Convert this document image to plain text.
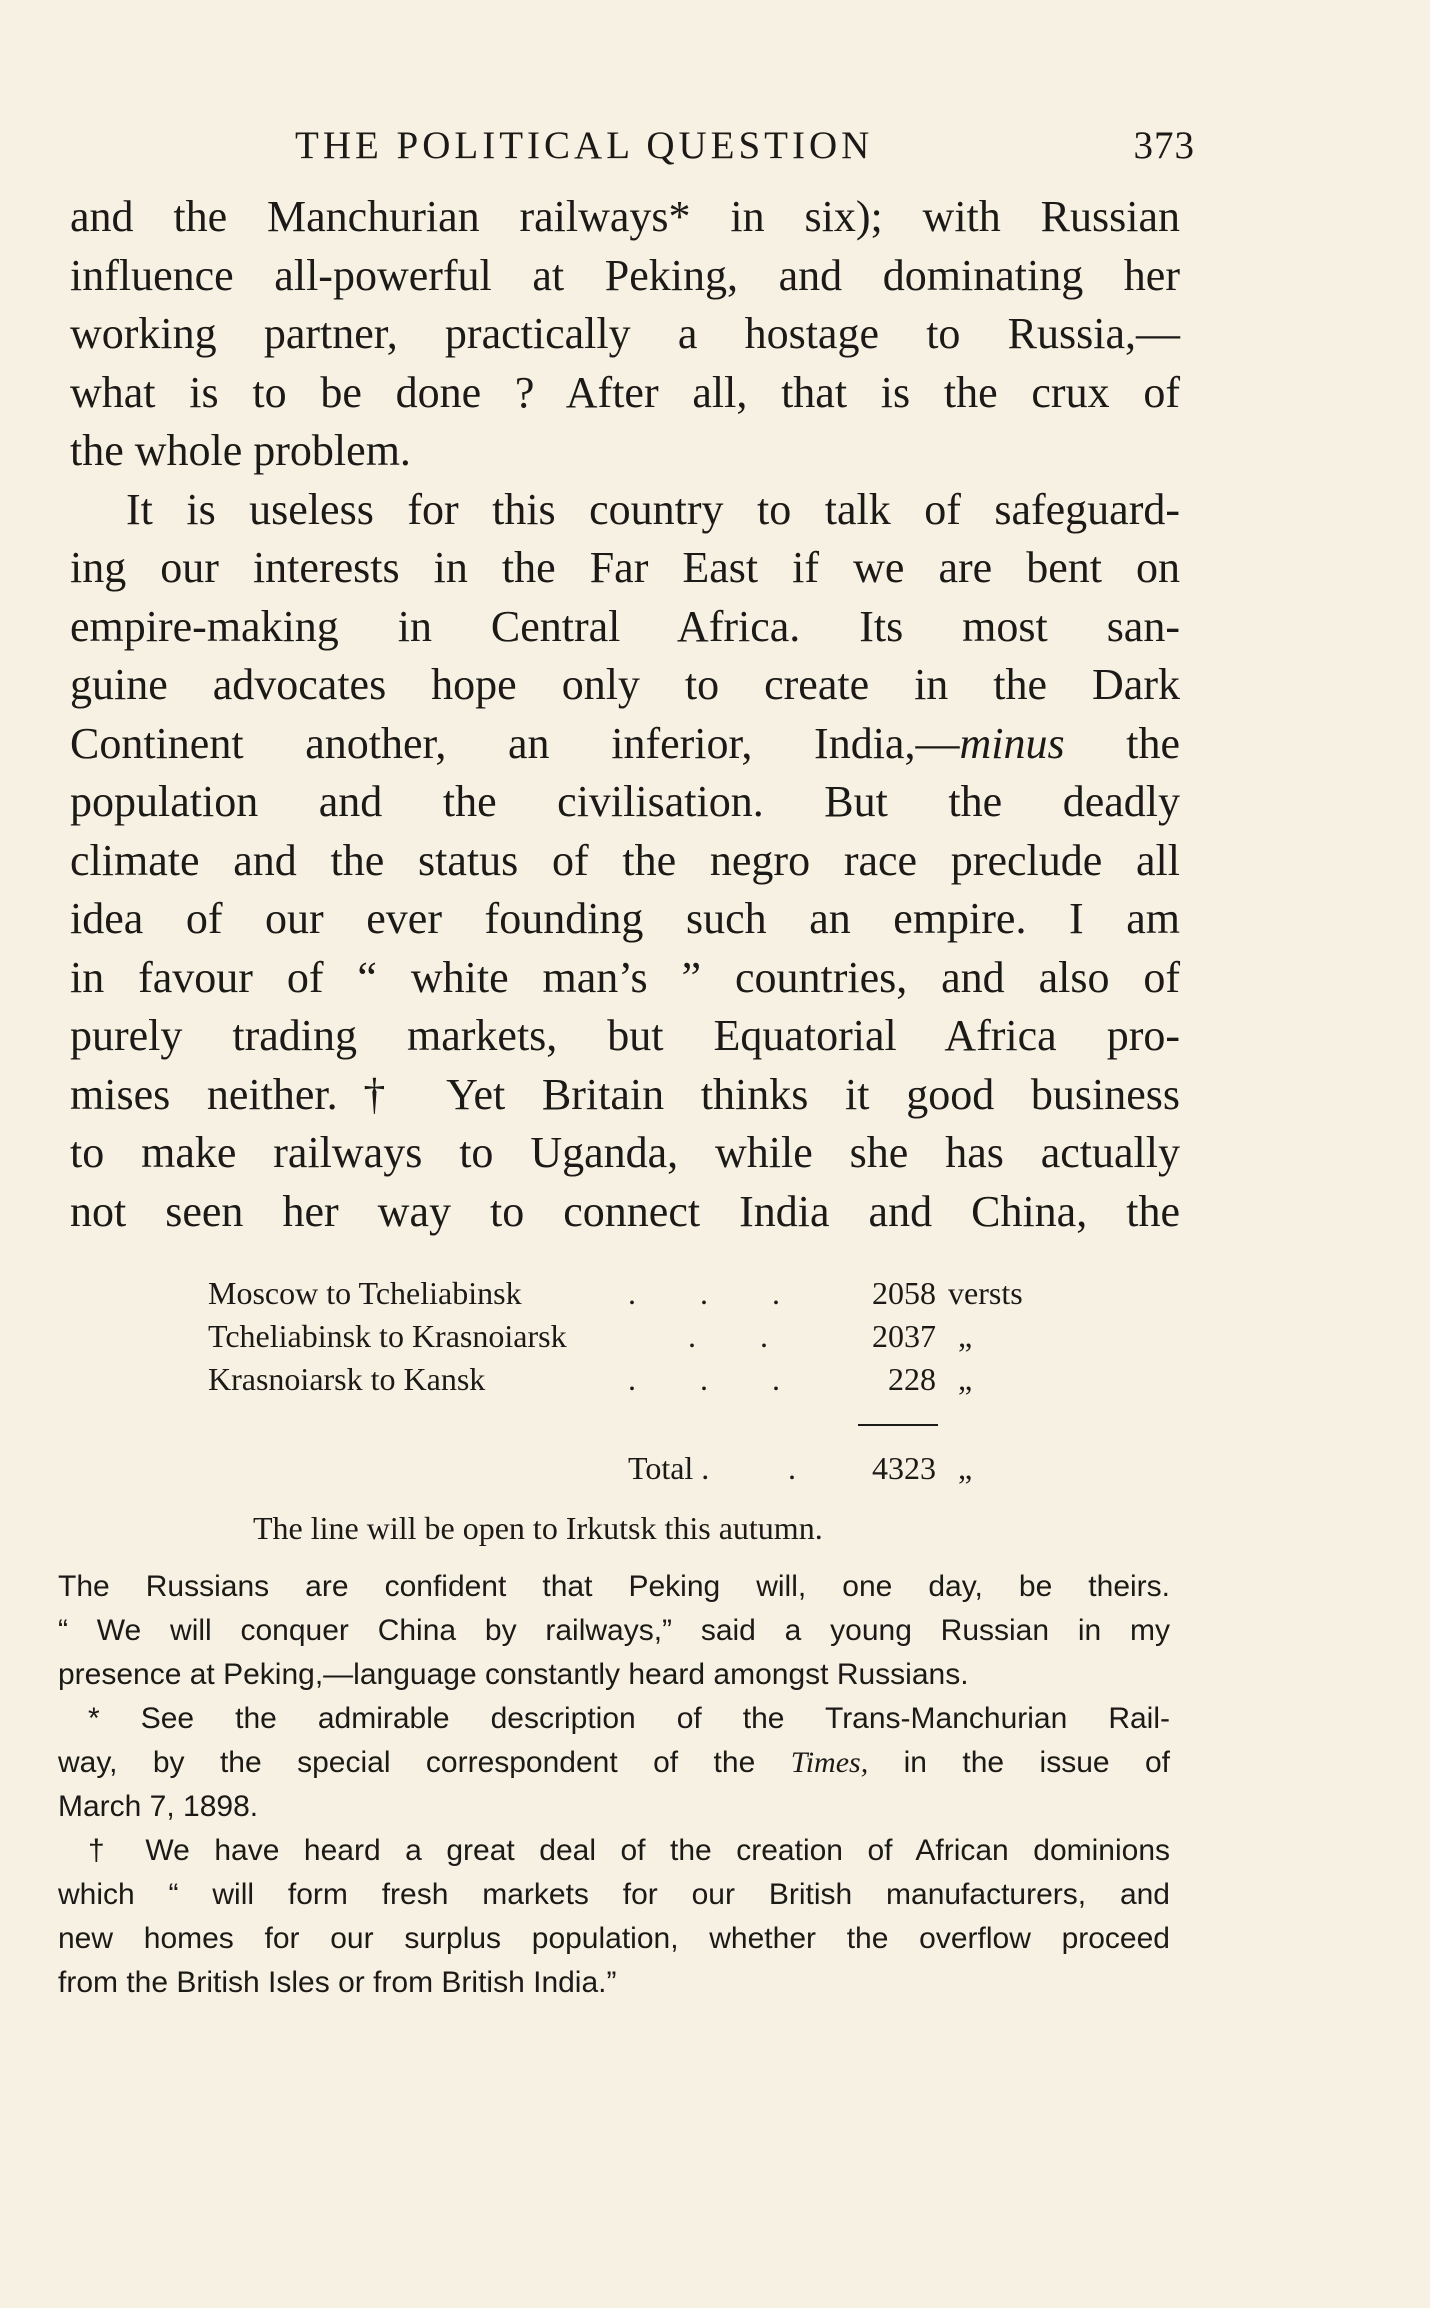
THE POLITICAL QUESTION	373
and the Manchurian railways* in six); with Russian
influence all-powerful at Peking, and dominating her
working partner, practically a hostage to Russia,—
what is to be done ? After all, that is the crux of
the whole problem.
It is useless for this country to talk of safeguard-
ing our interests in the Far East if we are bent on
empire-making in Central Africa. Its most san-
guine advocates hope only to create in the Dark
Continent another, an inferior, India,—minus the
population and the civilisation. But the deadly
climate and the status of the negro race preclude all
idea of our ever founding such an empire. I am
in favour of “ white man’s ” countries, and also of
purely trading markets, but Equatorial Africa pro-
mises neither.† Yet Britain thinks it good business
to make railways to Uganda, while she has actually
not seen her way to connect India and China, the
Moscow to Tcheliabinsk	. . .	2058 versts
Tcheliabinsk to Krasnoiarsk	. .	2037 „
Krasnoiarsk to Kansk	. . .	228 „
Total . .	4323 „
The line will be open to Irkutsk this autumn.
The Russians are confident that Peking will, one day, be theirs.
“ We will conquer China by railways,” said a young Russian in my
presence at Peking,—language constantly heard amongst Russians.
* See the admirable description of the Trans-Manchurian Rail-
way, by the special correspondent of the Times, in the issue of
March 7, 1898.
† We have heard a great deal of the creation of African dominions
which “ will form fresh markets for our British manufacturers, and
new homes for our surplus population, whether the overflow proceed
from the British Isles or from British India.”
